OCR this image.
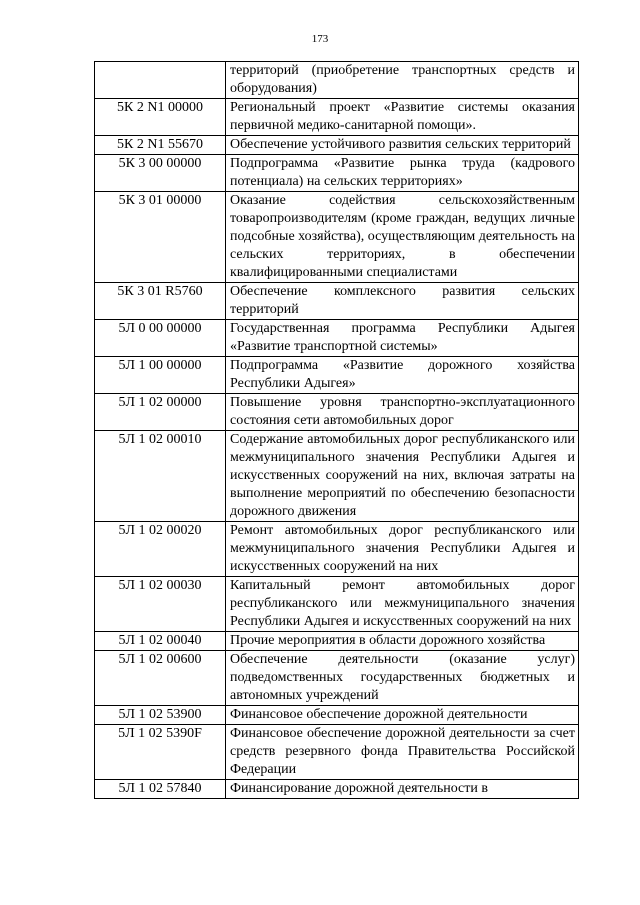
173
	территорий (приобретение транспортных средств и оборудования)
5К 2 N1 00000	Региональный проект «Развитие системы оказания первичной медико-санитарной помощи».
5К 2 N1 55670	Обеспечение устойчивого развития сельских территорий
5К 3 00 00000	Подпрограмма «Развитие рынка труда (кадрового потенциала) на сельских территориях»
5К 3 01 00000	Оказание содействия сельскохозяйственным товаропроизводителям (кроме граждан, ведущих личные подсобные хозяйства), осуществляющим деятельность на сельских территориях, в обеспечении квалифицированными специалистами
5К 3 01 R5760	Обеспечение комплексного развития сельских территорий
5Л 0 00 00000	Государственная программа Республики Адыгея «Развитие транспортной системы»
5Л 1 00 00000	Подпрограмма «Развитие дорожного хозяйства Республики Адыгея»
5Л 1 02 00000	Повышение уровня транспортно-эксплуатационного состояния сети автомобильных дорог
5Л 1 02 00010	Содержание автомобильных дорог республиканского или межмуниципального значения Республики Адыгея и искусственных сооружений на них, включая затраты на выполнение мероприятий по обеспечению безопасности дорожного движения
5Л 1 02 00020	Ремонт автомобильных дорог республиканского или межмуниципального значения Республики Адыгея и искусственных сооружений на них
5Л 1 02 00030	Капитальный ремонт автомобильных дорог республиканского или межмуниципального значения Республики Адыгея и искусственных сооружений на них
5Л 1 02 00040	Прочие мероприятия в области дорожного хозяйства
5Л 1 02 00600	Обеспечение деятельности (оказание услуг) подведомственных государственных бюджетных и автономных учреждений
5Л 1 02 53900	Финансовое обеспечение дорожной деятельности
5Л 1 02 5390F	Финансовое обеспечение дорожной деятельности за счет средств резервного фонда Правительства Российской Федерации
5Л 1 02 57840	Финансирование дорожной деятельности в
